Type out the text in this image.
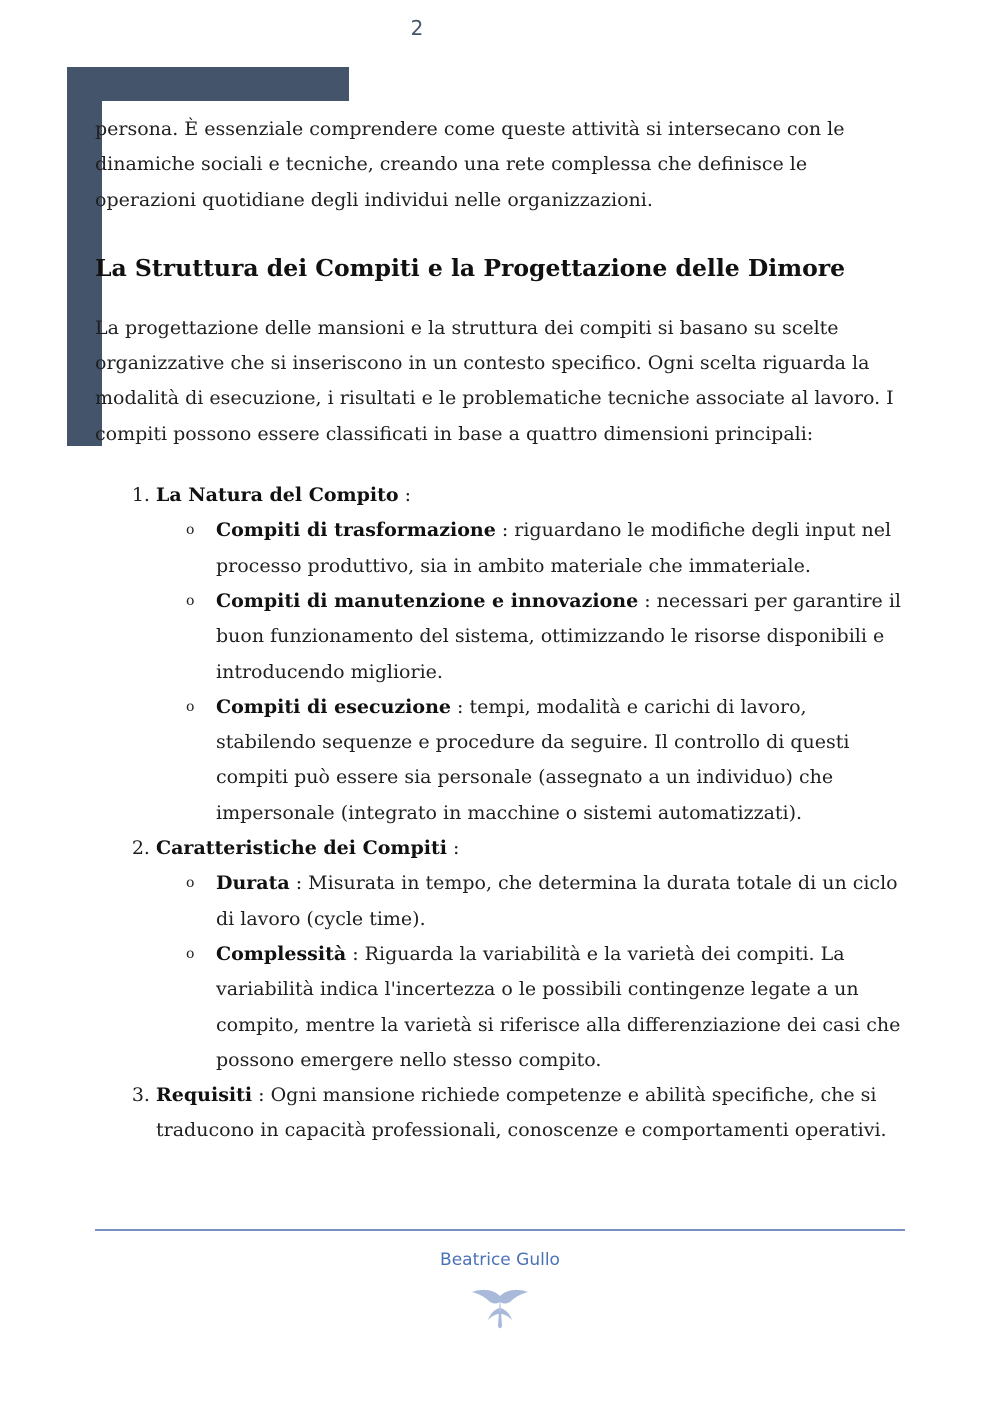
2

persona. È essenziale comprendere come queste attività si intersecano con le dinamiche sociali e tecniche, creando una rete complessa che definisce le operazioni quotidiane degli individui nelle organizzazioni.

La Struttura dei Compiti e la Progettazione delle Dimore

La progettazione delle mansioni e la struttura dei compiti si basano su scelte organizzative che si inseriscono in un contesto specifico. Ogni scelta riguarda la modalità di esecuzione, i risultati e le problematiche tecniche associate al lavoro. I compiti possono essere classificati in base a quattro dimensioni principali:

1. La Natura del Compito :
o Compiti di trasformazione : riguardano le modifiche degli input nel processo produttivo, sia in ambito materiale che immateriale.
o Compiti di manutenzione e innovazione : necessari per garantire il buon funzionamento del sistema, ottimizzando le risorse disponibili e introducendo migliorie.
o Compiti di esecuzione : tempi, modalità e carichi di lavoro, stabilendo sequenze e procedure da seguire. Il controllo di questi compiti può essere sia personale (assegnato a un individuo) che impersonale (integrato in macchine o sistemi automatizzati).
2. Caratteristiche dei Compiti :
o Durata : Misurata in tempo, che determina la durata totale di un ciclo di lavoro (cycle time).
o Complessità : Riguarda la variabilità e la varietà dei compiti. La variabilità indica l'incertezza o le possibili contingenze legate a un compito, mentre la varietà si riferisce alla differenziazione dei casi che possono emergere nello stesso compito.
3. Requisiti : Ogni mansione richiede competenze e abilità specifiche, che si traducono in capacità professionali, conoscenze e comportamenti operativi.
Beatrice Gullo
